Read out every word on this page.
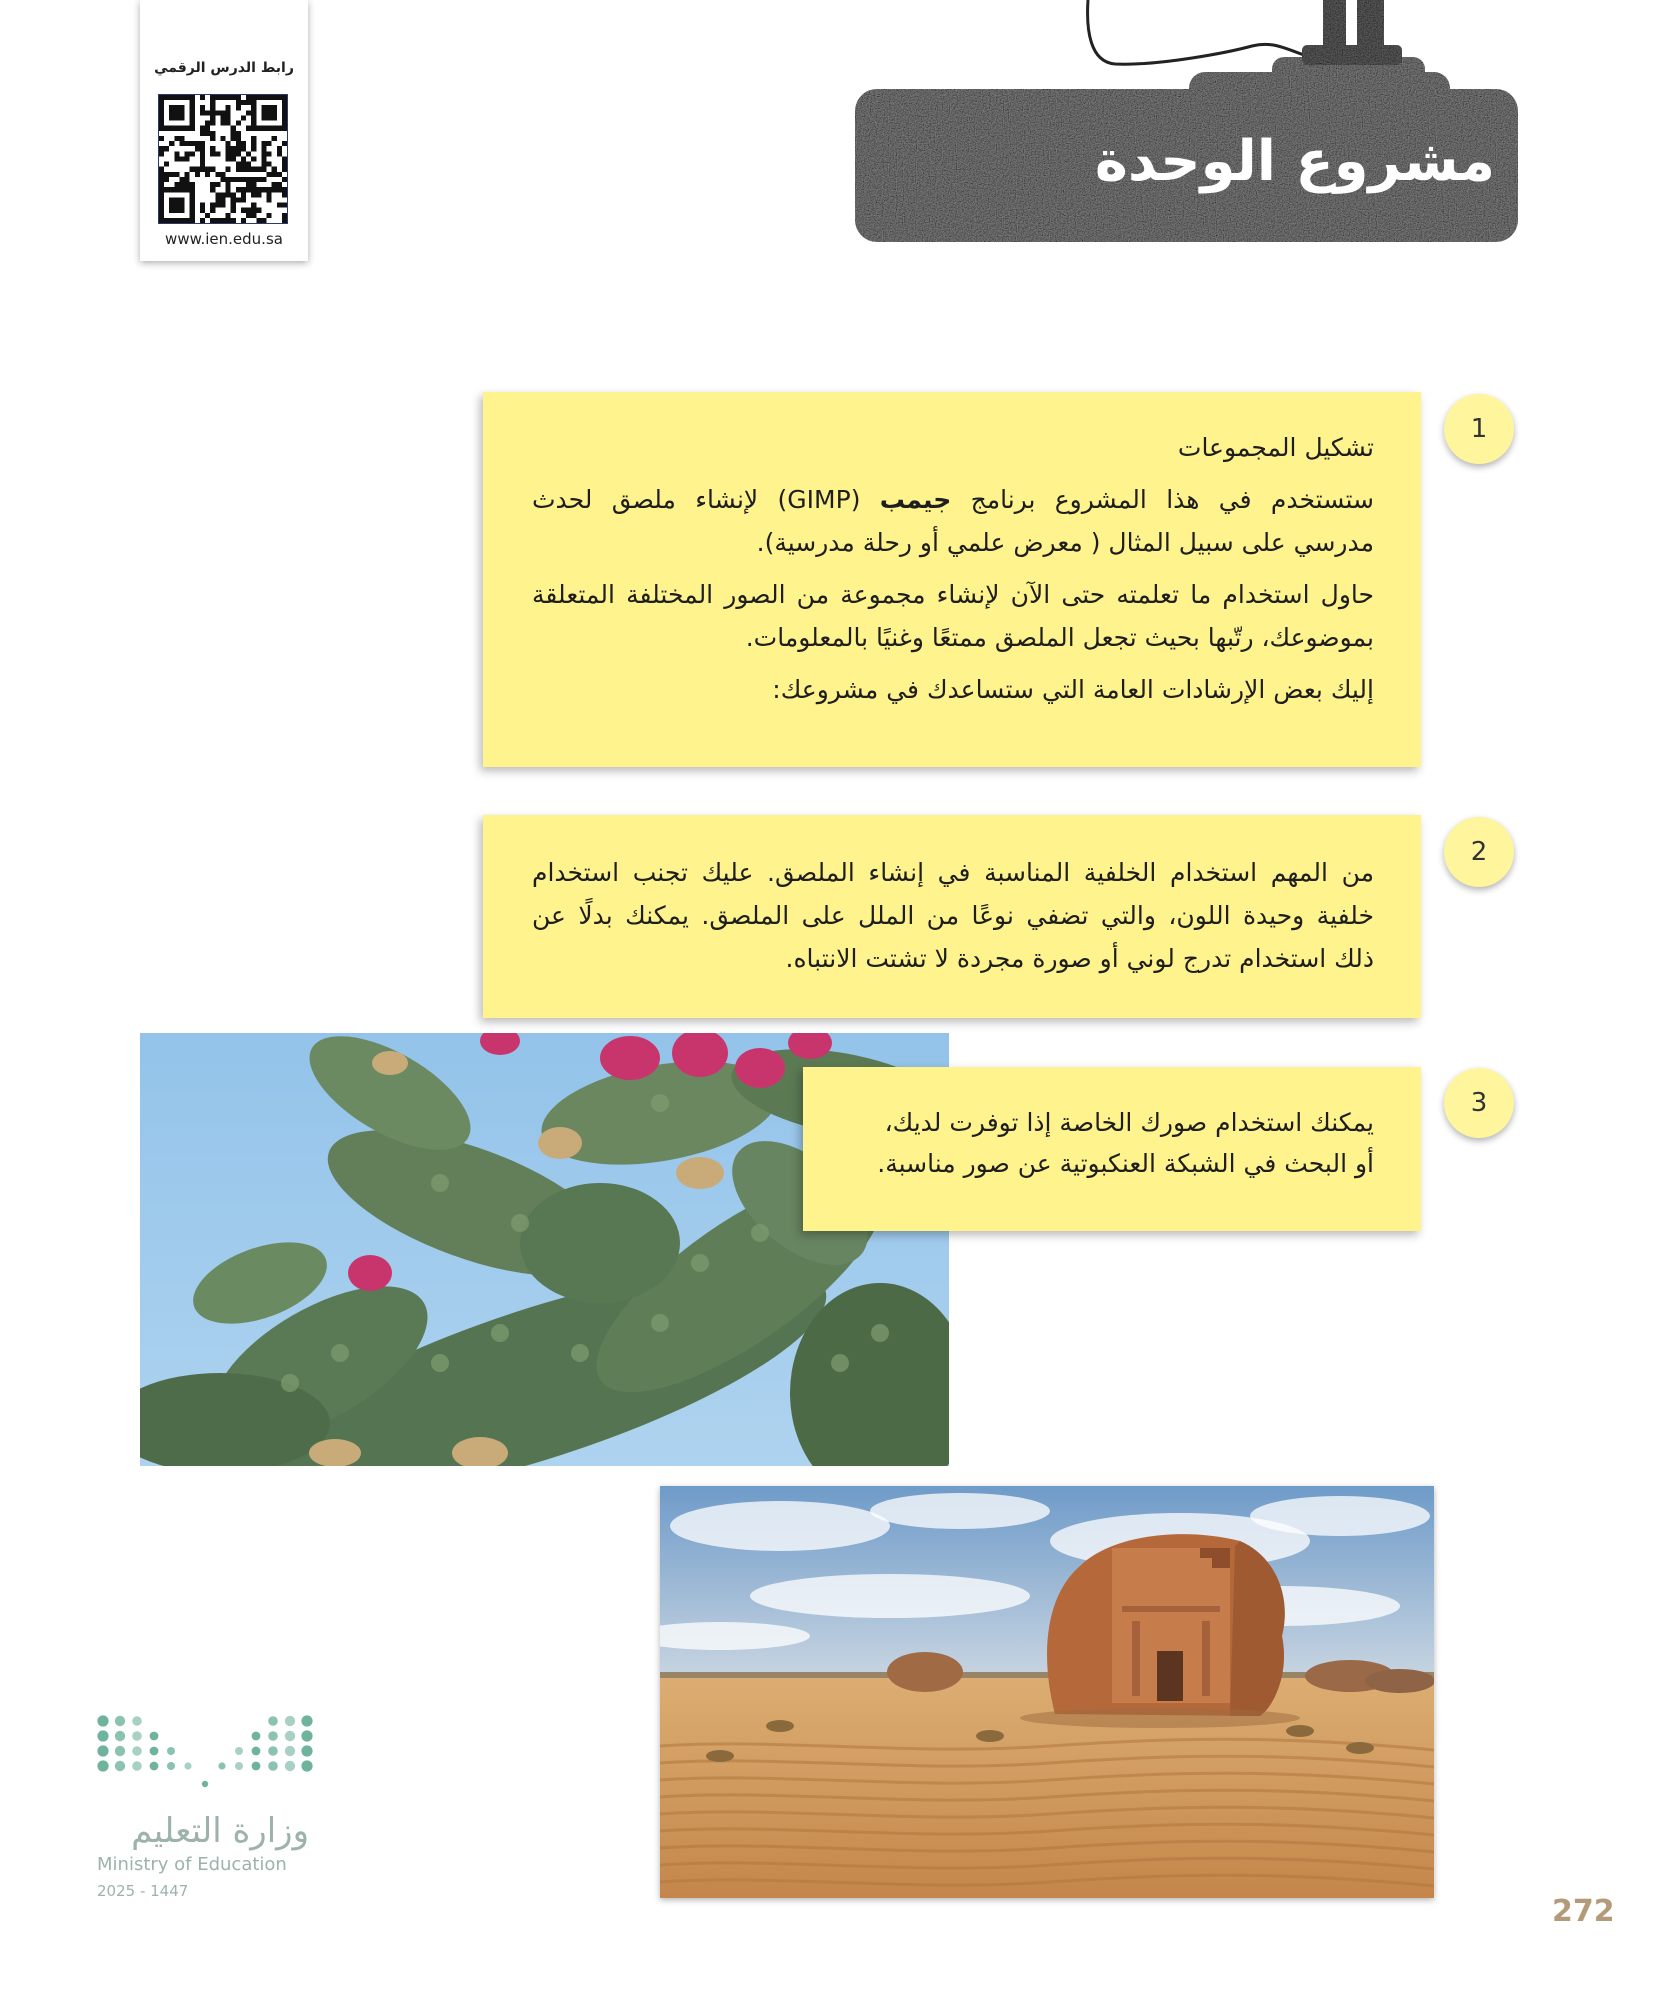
رابط الدرس الرقمي
www.ien.edu.sa
مشروع الوحدة
1
تشكيل المجموعات
ستستخدم في هذا المشروع برنامج جيمب (GIMP) لإنشاء ملصق لحدث
مدرسي على سبيل المثال ( معرض علمي أو رحلة مدرسية).
حاول استخدام ما تعلمته حتى الآن لإنشاء مجموعة من الصور المختلفة المتعلقة
بموضوعك، رتّبها بحيث تجعل الملصق ممتعًا وغنيًا بالمعلومات.
إليك بعض الإرشادات العامة التي ستساعدك في مشروعك:
2
من المهم استخدام الخلفية المناسبة في إنشاء الملصق. عليك تجنب استخدام
خلفية وحيدة اللون، والتي تضفي نوعًا من الملل على الملصق. يمكنك بدلًا عن
ذلك استخدام تدرج لوني أو صورة مجردة لا تشتت الانتباه.
3
يمكنك استخدام صورك الخاصة إذا توفرت لديك،
أو البحث في الشبكة العنكبوتية عن صور مناسبة.
وزارة التعليم
Ministry of Education
2025 - 1447
272
